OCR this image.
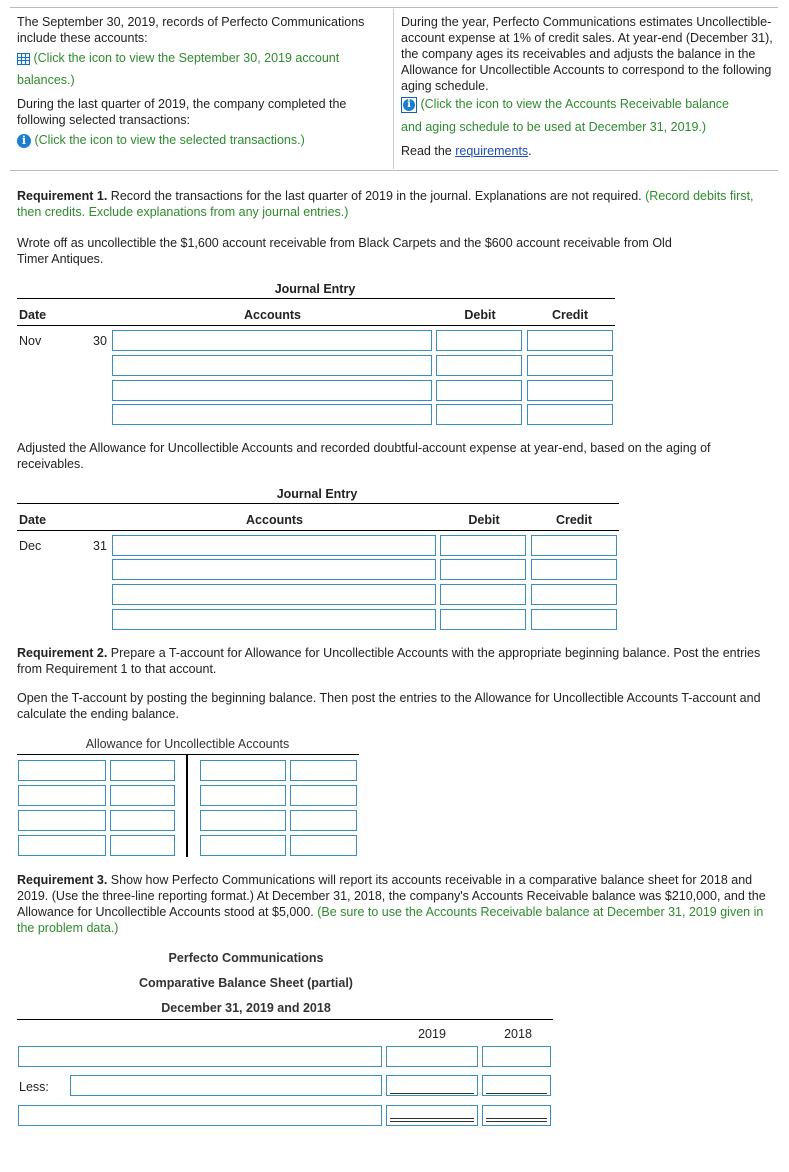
The September 30, 2019, records of Perfecto Communications include these accounts:
(Click the icon to view the September 30, 2019 account
balances.)
During the last quarter of 2019, the company completed the following selected transactions:
i (Click the icon to view the selected transactions.)
During the year, Perfecto Communications estimates Uncollectible-account expense at 1% of credit sales. At year-end (December 31), the company ages its receivables and adjusts the balance in the Allowance for Uncollectible Accounts to correspond to the following aging schedule.
i (Click the icon to view the Accounts Receivable balance
and aging schedule to be used at December 31, 2019.)
Read the requirements.
Requirement 1. Record the transactions for the last quarter of 2019 in the journal. Explanations are not required. (Record debits first, then credits. Exclude explanations from any journal entries.)
Wrote off as uncollectible the $1,600 account receivable from Black Carpets and the $600 account receivable from Old Timer Antiques.
Journal Entry
Date	Accounts	Debit	Credit
Nov	30
Adjusted the Allowance for Uncollectible Accounts and recorded doubtful-account expense at year-end, based on the aging of receivables.
Journal Entry
Date	Accounts	Debit	Credit
Dec	31
Requirement 2. Prepare a T-account for Allowance for Uncollectible Accounts with the appropriate beginning balance. Post the entries from Requirement 1 to that account.
Open the T-account by posting the beginning balance. Then post the entries to the Allowance for Uncollectible Accounts T-account and calculate the ending balance.
Allowance for Uncollectible Accounts
Requirement 3. Show how Perfecto Communications will report its accounts receivable in a comparative balance sheet for 2018 and 2019. (Use the three-line reporting format.) At December 31, 2018, the company's Accounts Receivable balance was $210,000, and the Allowance for Uncollectible Accounts stood at $5,000. (Be sure to use the Accounts Receivable balance at December 31, 2019 given in the problem data.)
Perfecto Communications
Comparative Balance Sheet (partial)
December 31, 2019 and 2018
2019	2018
Less:
